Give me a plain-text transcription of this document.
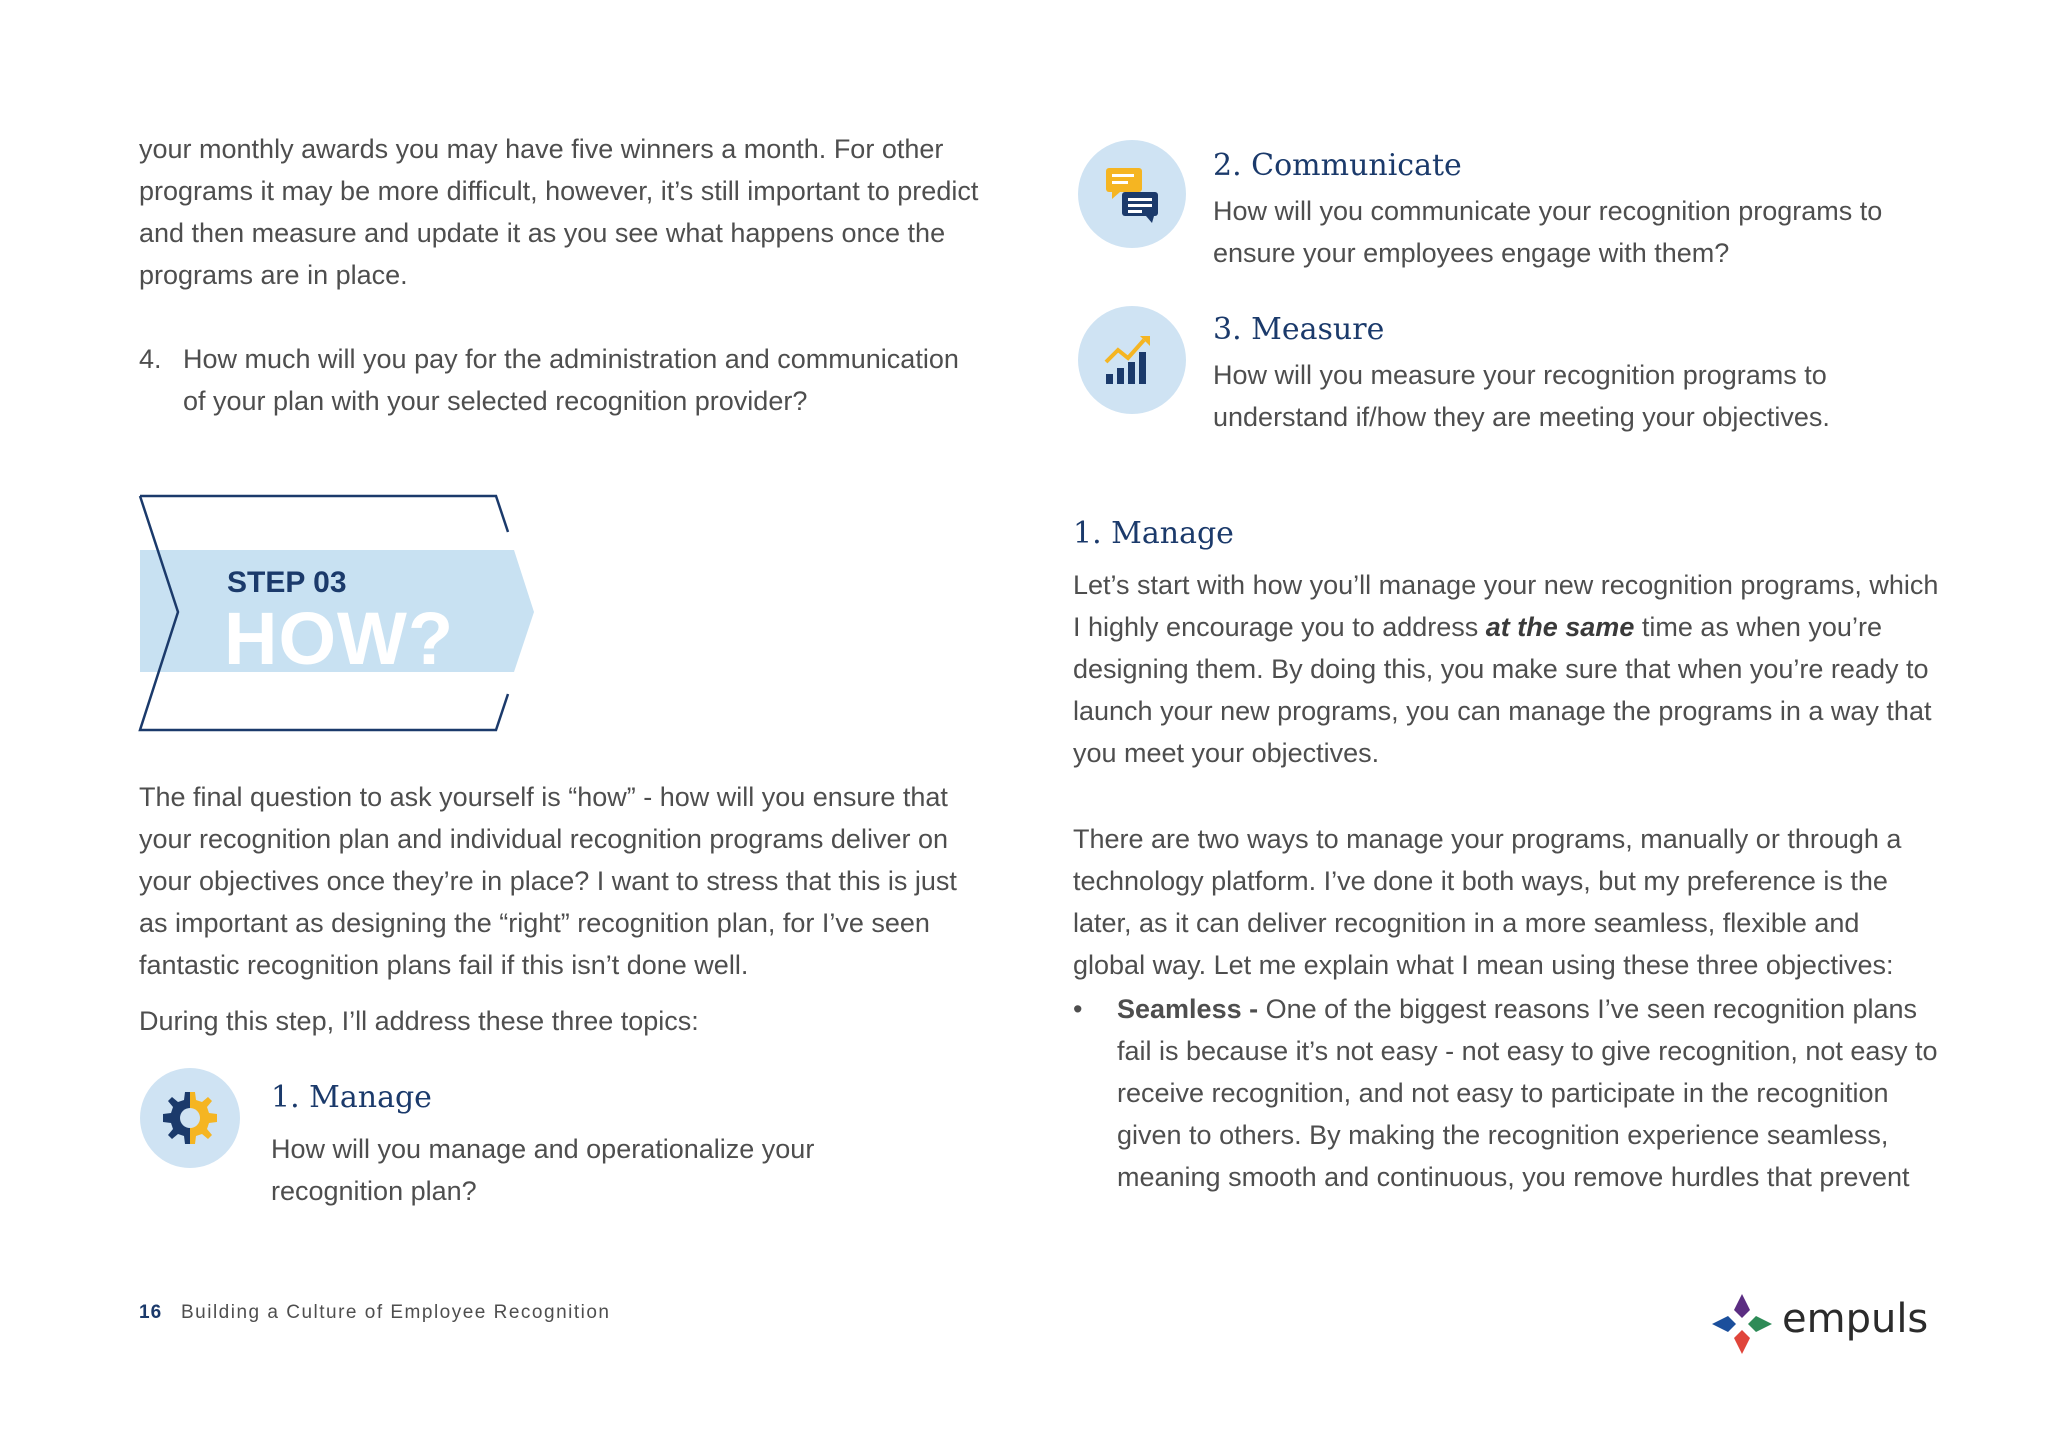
your monthly awards you may have five winners a month. For other programs it may be more difficult, however, it’s still important to predict and then measure and update it as you see what happens once the programs are in place.

4. How much will you pay for the administration and communication of your plan with your selected recognition provider?
STEP 03
HOW?

The final question to ask yourself is “how” - how will you ensure that your recognition plan and individual recognition programs deliver on your objectives once they’re in place? I want to stress that this is just as important as designing the “right” recognition plan, for I’ve seen fantastic recognition plans fail if this isn’t done well.

During this step, I’ll address these three topics:

1. Manage

How will you manage and operationalize your recognition plan?

2. Communicate

How will you communicate your recognition programs to ensure your employees engage with them?

3. Measure

How will you measure your recognition programs to understand if/how they are meeting your objectives.

1. Manage

Let’s start with how you’ll manage your new recognition programs, which I highly encourage you to address at the same time as when you’re designing them. By doing this, you make sure that when you’re ready to launch your new programs, you can manage the programs in a way that you meet your objectives.

There are two ways to manage your programs, manually or through a technology platform. I’ve done it both ways, but my preference is the later, as it can deliver recognition in a more seamless, flexible and global way. Let me explain what I mean using these three objectives:

• Seamless - One of the biggest reasons I’ve seen recognition plans fail is because it’s not easy - not easy to give recognition, not easy to receive recognition, and not easy to participate in the recognition given to others. By making the recognition experience seamless, meaning smooth and continuous, you remove hurdles that prevent
16 Building a Culture of Employee Recognition	empuls
